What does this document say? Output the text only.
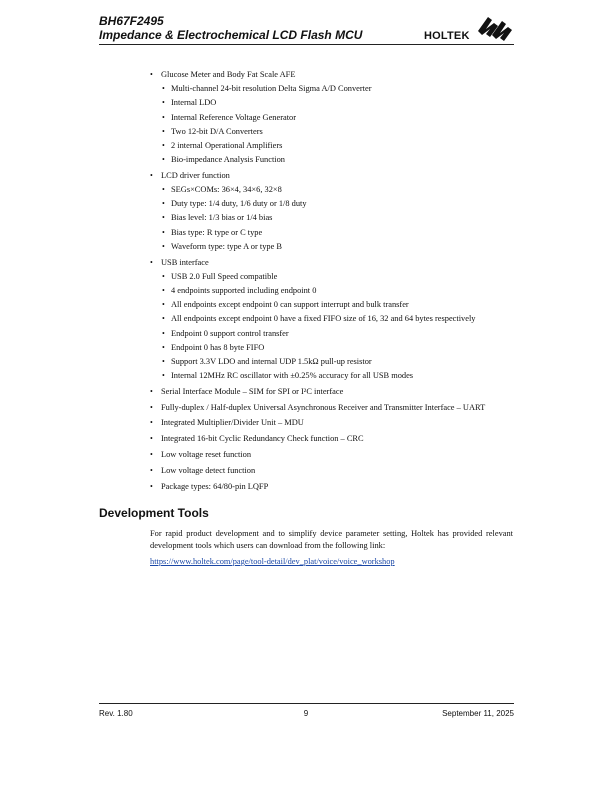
BH67F2495
Impedance & Electrochemical LCD Flash MCU	HOLTEK
• Glucose Meter and Body Fat Scale AFE
• Multi-channel 24-bit resolution Delta Sigma A/D Converter
• Internal LDO
• Internal Reference Voltage Generator
• Two 12-bit D/A Converters
• 2 internal Operational Amplifiers
• Bio-impedance Analysis Function
• LCD driver function
• SEGs×COMs: 36×4, 34×6, 32×8
• Duty type: 1/4 duty, 1/6 duty or 1/8 duty
• Bias level: 1/3 bias or 1/4 bias
• Bias type: R type or C type
• Waveform type: type A or type B
• USB interface
• USB 2.0 Full Speed compatible
• 4 endpoints supported including endpoint 0
• All endpoints except endpoint 0 can support interrupt and bulk transfer
• All endpoints except endpoint 0 have a fixed FIFO size of 16, 32 and 64 bytes respectively
• Endpoint 0 support control transfer
• Endpoint 0 has 8 byte FIFO
• Support 3.3V LDO and internal UDP 1.5kΩ pull-up resistor
• Internal 12MHz RC oscillator with ±0.25% accuracy for all USB modes
• Serial Interface Module – SIM for SPI or I²C interface
• Fully-duplex / Half-duplex Universal Asynchronous Receiver and Transmitter Interface – UART
• Integrated Multiplier/Divider Unit – MDU
• Integrated 16-bit Cyclic Redundancy Check function – CRC
• Low voltage reset function
• Low voltage detect function
• Package types: 64/80-pin LQFP
Development Tools
For rapid product development and to simplify device parameter setting, Holtek has provided relevant development tools which users can download from the following link:
https://www.holtek.com/page/tool-detail/dev_plat/voice/voice_workshop
Rev. 1.80	9	September 11, 2025
